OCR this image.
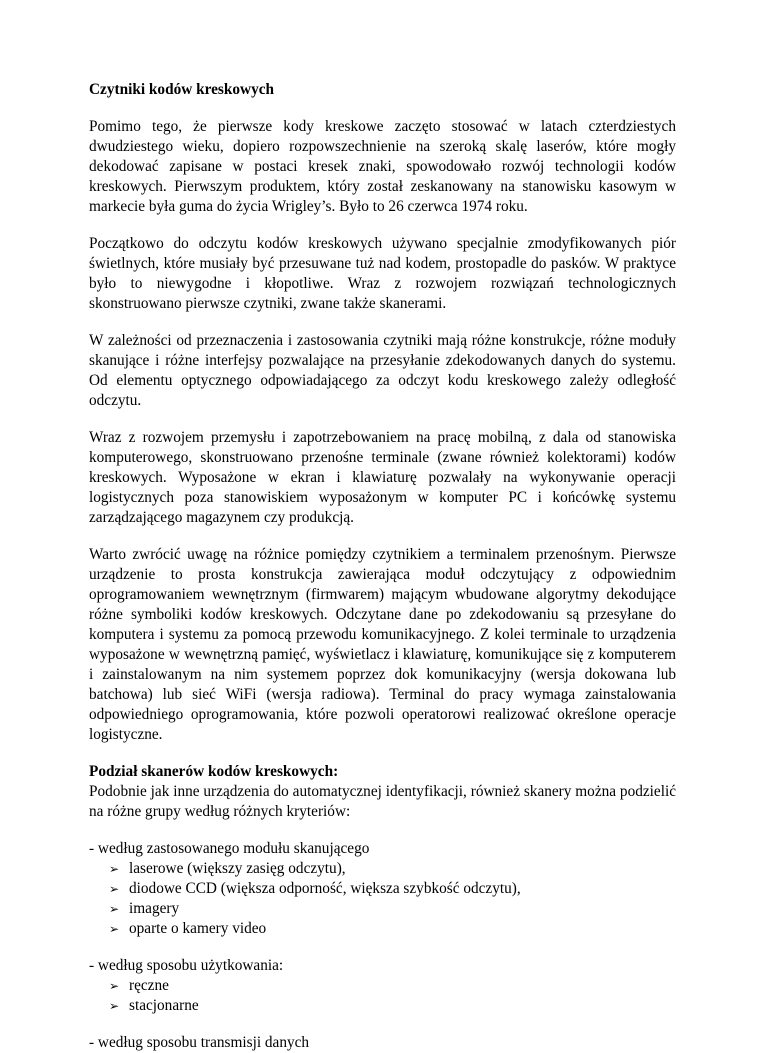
Czytniki kodów kreskowych

Pomimo tego, że pierwsze kody kreskowe zaczęto stosować w latach czterdziestych dwudziestego wieku, dopiero rozpowszechnienie na szeroką skalę laserów, które mogły dekodować zapisane w postaci kresek znaki, spowodowało rozwój technologii kodów kreskowych. Pierwszym produktem, który został zeskanowany na stanowisku kasowym w markecie była guma do życia Wrigley’s. Było to 26 czerwca 1974 roku.

Początkowo do odczytu kodów kreskowych używano specjalnie zmodyfikowanych piór świetlnych, które musiały być przesuwane tuż nad kodem, prostopadle do pasków. W praktyce było to niewygodne i kłopotliwe. Wraz z rozwojem rozwiązań technologicznych skonstruowano pierwsze czytniki, zwane także skanerami.

W zależności od przeznaczenia i zastosowania czytniki mają różne konstrukcje, różne moduły skanujące i różne interfejsy pozwalające na przesyłanie zdekodowanych danych do systemu. Od elementu optycznego odpowiadającego za odczyt kodu kreskowego zależy odległość odczytu.

Wraz z rozwojem przemysłu i zapotrzebowaniem na pracę mobilną, z dala od stanowiska komputerowego, skonstruowano przenośne terminale (zwane również kolektorami) kodów kreskowych. Wyposażone w ekran i klawiaturę pozwalały na wykonywanie operacji logistycznych poza stanowiskiem wyposażonym w komputer PC i końcówkę systemu zarządzającego magazynem czy produkcją.

Warto zwrócić uwagę na różnice pomiędzy czytnikiem a terminalem przenośnym. Pierwsze urządzenie to prosta konstrukcja zawierająca moduł odczytujący z odpowiednim oprogramowaniem wewnętrznym (firmwarem) mającym wbudowane algorytmy dekodujące różne symboliki kodów kreskowych. Odczytane dane po zdekodowaniu są przesyłane do komputera i systemu za pomocą przewodu komunikacyjnego. Z kolei terminale to urządzenia wyposażone w wewnętrzną pamięć, wyświetlacz i klawiaturę, komunikujące się z komputerem i zainstalowanym na nim systemem poprzez dok komunikacyjny (wersja dokowana lub batchowa) lub sieć WiFi (wersja radiowa). Terminal do pracy wymaga zainstalowania odpowiedniego oprogramowania, które pozwoli operatorowi realizować określone operacje logistyczne.

Podział skanerów kodów kreskowych:
Podobnie jak inne urządzenia do automatycznej identyfikacji, również skanery można podzielić na różne grupy według różnych kryteriów:
- według zastosowanego modułu skanującego
➢ laserowe (większy zasięg odczytu),
➢ diodowe CCD (większa odporność, większa szybkość odczytu),
➢ imagery
➢ oparte o kamery video
- według sposobu użytkowania:
➢ ręczne
➢ stacjonarne
- według sposobu transmisji danych
